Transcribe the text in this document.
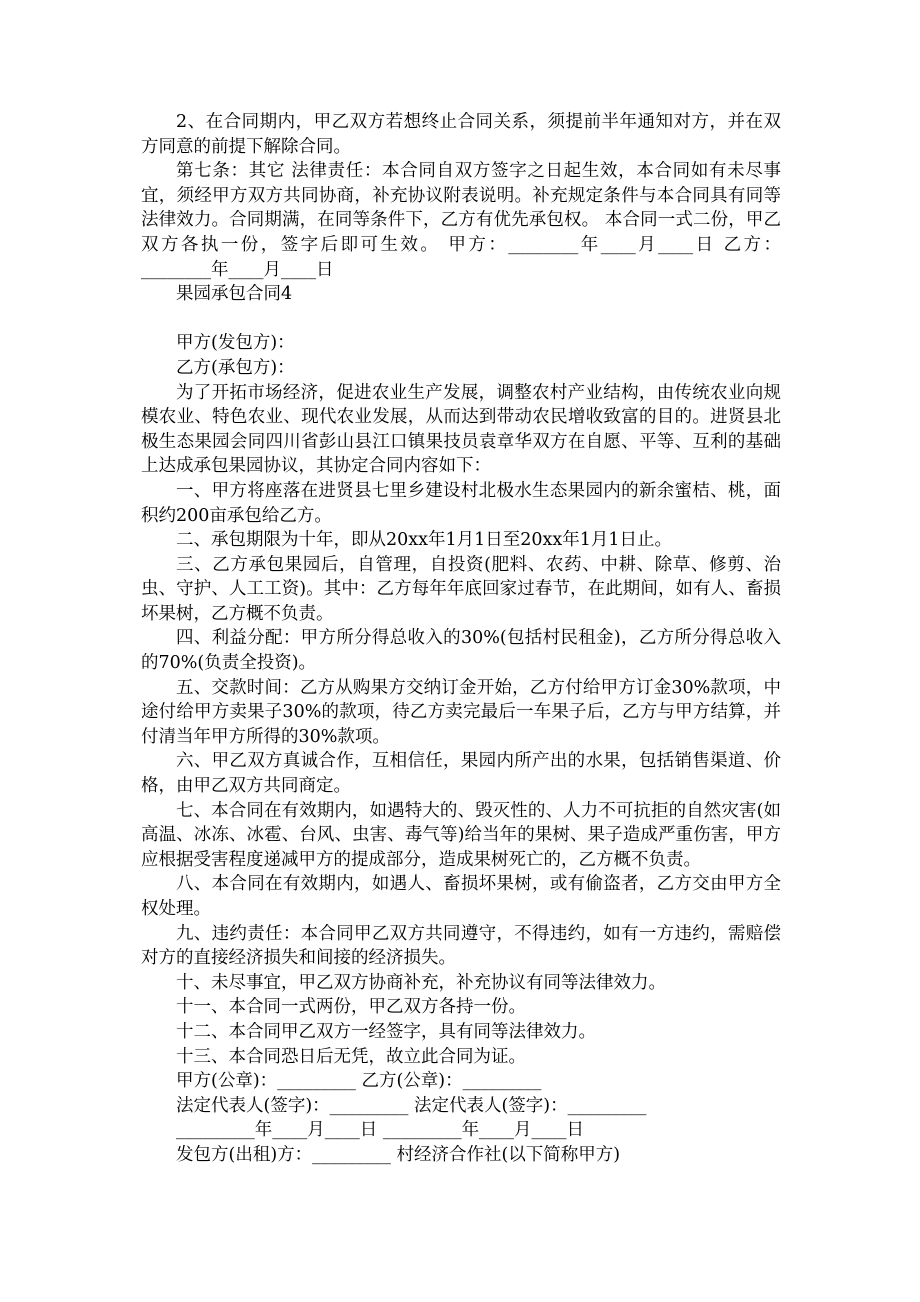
2、在合同期内，甲乙双方若想终止合同关系，须提前半年通知对方，并在双方同意的前提下解除合同。

第七条：其它 法律责任：本合同自双方签字之日起生效，本合同如有未尽事宜，须经甲方双方共同协商，补充协议附表说明。补充规定条件与本合同具有同等法律效力。合同期满，在同等条件下，乙方有优先承包权。 本合同一式二份，甲乙双方各执一份，签字后即可生效。 甲方：________年____月____日 乙方：________年____月____日

果园承包合同4

甲方(发包方)：

乙方(承包方)：

为了开拓市场经济，促进农业生产发展，调整农村产业结构，由传统农业向规模农业、特色农业、现代农业发展，从而达到带动农民增收致富的目的。进贤县北极生态果园会同四川省彭山县江口镇果技员袁章华双方在自愿、平等、互利的基础上达成承包果园协议，其协定合同内容如下：

一、甲方将座落在进贤县七里乡建设村北极水生态果园内的新余蜜桔、桃，面积约200亩承包给乙方。

二、承包期限为十年，即从20xx年1月1日至20xx年1月1日止。

三、乙方承包果园后，自管理，自投资(肥料、农药、中耕、除草、修剪、治虫、守护、人工工资)。其中：乙方每年年底回家过春节，在此期间，如有人、畜损坏果树，乙方概不负责。

四、利益分配：甲方所分得总收入的30%(包括村民租金)，乙方所分得总收入的70%(负责全投资)。

五、交款时间：乙方从购果方交纳订金开始，乙方付给甲方订金30%款项，中途付给甲方卖果子30%的款项，待乙方卖完最后一车果子后，乙方与甲方结算，并付清当年甲方所得的30%款项。

六、甲乙双方真诚合作，互相信任，果园内所产出的水果，包括销售渠道、价格，由甲乙双方共同商定。

七、本合同在有效期内，如遇特大的、毁灭性的、人力不可抗拒的自然灾害(如高温、冰冻、冰雹、台风、虫害、毒气等)给当年的果树、果子造成严重伤害，甲方应根据受害程度递减甲方的提成部分，造成果树死亡的，乙方概不负责。

八、本合同在有效期内，如遇人、畜损坏果树，或有偷盗者，乙方交由甲方全权处理。

九、违约责任：本合同甲乙双方共同遵守，不得违约，如有一方违约，需赔偿对方的直接经济损失和间接的经济损失。

十、未尽事宜，甲乙双方协商补充，补充协议有同等法律效力。

十一、本合同一式两份，甲乙双方各持一份。

十二、本合同甲乙双方一经签字，具有同等法律效力。

十三、本合同恐日后无凭，故立此合同为证。

甲方(公章)：_________ 乙方(公章)：_________

法定代表人(签字)：_________ 法定代表人(签字)：_________

_________年____月____日 _________年____月____日

发包方(出租)方：_________ 村经济合作社(以下简称甲方)
